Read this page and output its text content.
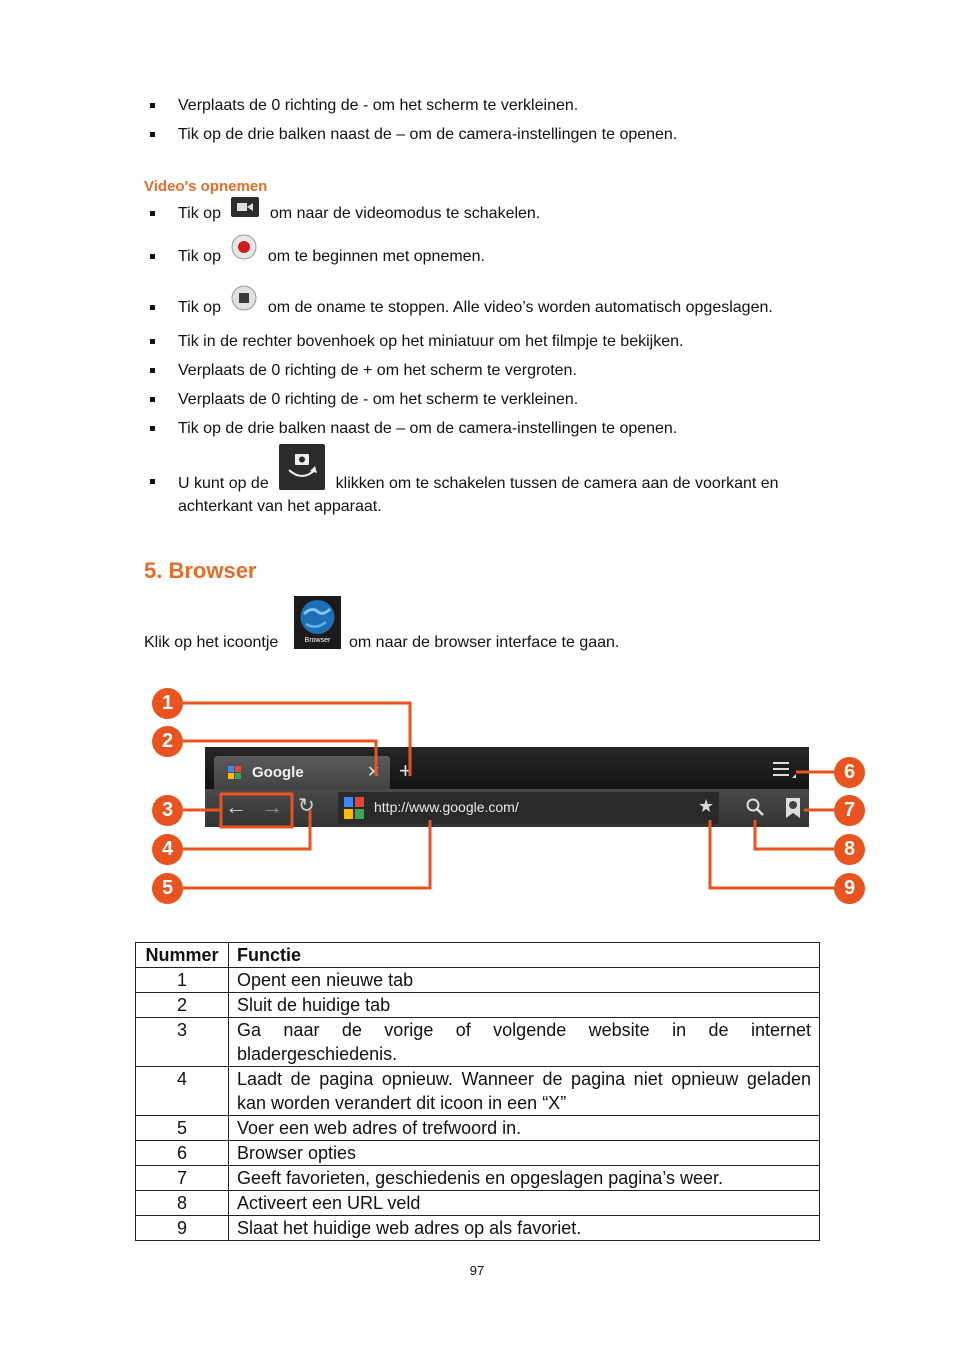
Verplaats de 0 richting de - om het scherm te verkleinen.
Tik op de drie balken naast de – om de camera-instellingen te openen.
Video's opnemen
Tik op	om naar de videomodus te schakelen.
Tik op	om te beginnen met opnemen.
Tik op	om de oname te stoppen. Alle video’s worden automatisch opgeslagen.
Tik in de rechter bovenhoek op het miniatuur om het filmpje te bekijken.
Verplaats de 0 richting de + om het scherm te vergroten.
Verplaats de 0 richting de - om het scherm te verkleinen.
Tik op de drie balken naast de – om de camera-instellingen te openen.
U kunt op de	klikken om te schakelen tussen de camera aan de voorkant en
achterkant van het apparaat.
5. Browser
Klik op het icoontje	Browser	om naar de browser interface te gaan.
Google	✕ +
← → ↻	http://www.google.com/	★
1
2
3
4
5
6
7
8
9
Nummer	Functie
1	Opent een nieuwe tab
2	Sluit de huidige tab
3	Ga naar de vorige of volgende website in de internet bladergeschiedenis.
4	Laadt de pagina opnieuw. Wanneer de pagina niet opnieuw geladen kan worden verandert dit icoon in een “X”
5	Voer een web adres of trefwoord in.
6	Browser opties
7	Geeft favorieten, geschiedenis en opgeslagen pagina’s weer.
8	Activeert een URL veld
9	Slaat het huidige web adres op als favoriet.
97
